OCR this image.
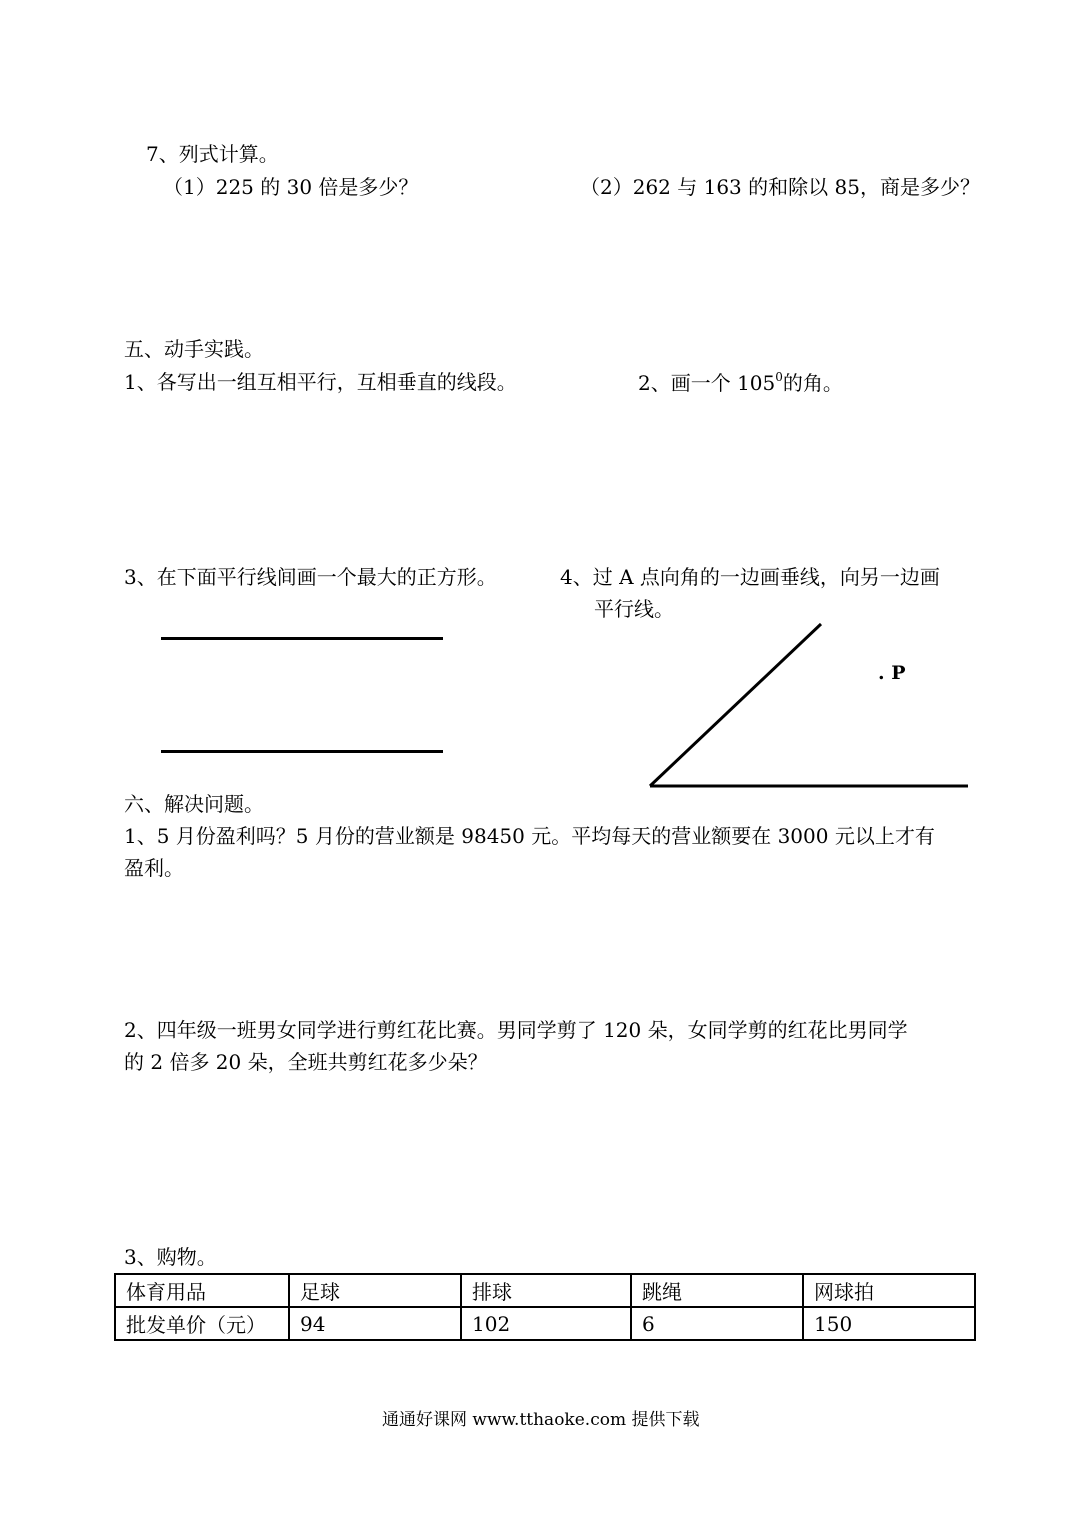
7、列式计算。
（1）225 的 30 倍是多少？	（2）262 与 163 的和除以 85，商是多少？
五、动手实践。
1、各写出一组互相平行，互相垂直的线段。	2、画一个 $105^0$的角。
3、在下面平行线间画一个最大的正方形。	4、过 A 点向角的一边画垂线，向另一边画
平行线。
. P
六、解决问题。
1、5 月份盈利吗？5 月份的营业额是 98450 元。平均每天的营业额要在 3000 元以上才有
盈利。
2、四年级一班男女同学进行剪红花比赛。男同学剪了 120 朵，女同学剪的红花比男同学
的 2 倍多 20 朵，全班共剪红花多少朵？
3、购物。
体育用品	足球	排球	跳绳	网球拍
批发单价（元）	94	102	6	150
通通好课网 www.tthaoke.com 提供下载
